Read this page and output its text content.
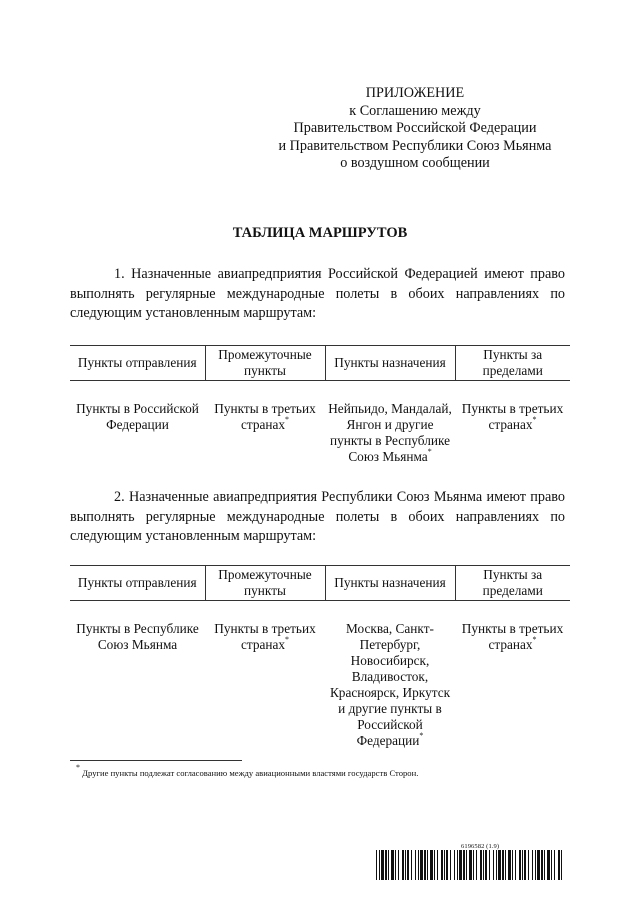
ПРИЛОЖЕНИЕ
к Соглашению между
Правительством Российской Федерации
и Правительством Республики Союз Мьянма
о воздушном сообщении
ТАБЛИЦА МАРШРУТОВ

1. Назначенные авиапредприятия Российской Федерацией имеют право выполнять регулярные международные полеты в обоих направлениях по следующим установленным маршрутам:

Пункты отправления	Промежуточные пункты	Пункты назначения	Пункты за пределами
Пункты в Российской Федерации	Пункты в третьих странах*	Нейпьидо, Мандалай, Янгон и другие пункты в Республике Союз Мьянма*	Пункты в третьих странах*

2. Назначенные авиапредприятия Республики Союз Мьянма имеют право выполнять регулярные международные полеты в обоих направлениях по следующим установленным маршрутам:

Пункты отправления	Промежуточные пункты	Пункты назначения	Пункты за пределами
Пункты в Республике Союз Мьянма	Пункты в третьих странах*	Москва, Санкт-Петербург, Новосибирск, Владивосток, Красноярск, Иркутск и другие пункты в Российской Федерации*	Пункты в третьих странах*
* Другие пункты подлежат согласованию между авиационными властями государств Сторон.
6196582 (1.9)
